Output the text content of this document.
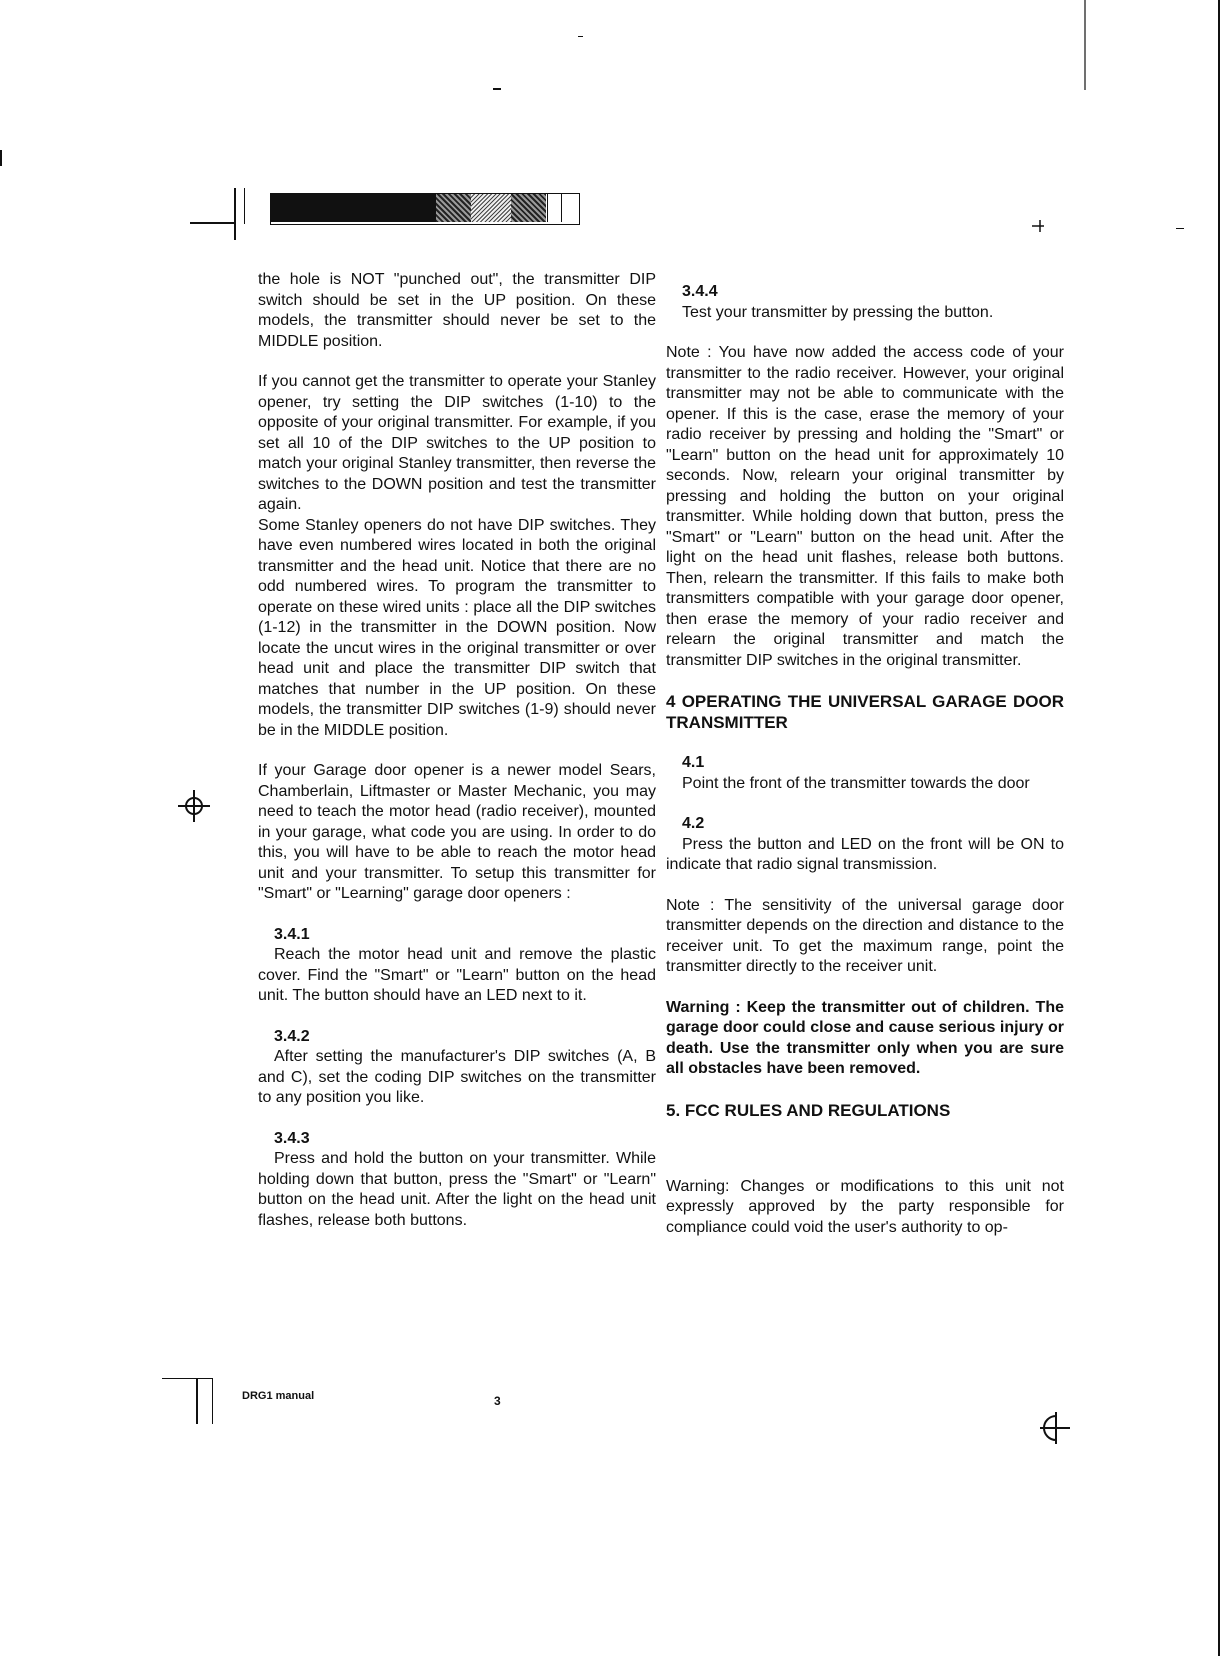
the hole is NOT "punched out", the transmitter DIP switch should be set in the UP position. On these models, the transmitter should never be set to the MIDDLE position.

If you cannot get the transmitter to operate your Stanley opener, try setting the DIP switches (1-10) to the opposite of your original transmitter. For example, if you set all 10 of the DIP switches to the UP position to match your original Stanley transmitter, then reverse the switches to the DOWN position and test the transmitter again.

Some Stanley openers do not have DIP switches. They have even numbered wires located in both the original transmitter and the head unit. Notice that there are no odd numbered wires. To program the transmitter to operate on these wired units : place all the DIP switches (1-12) in the transmitter in the DOWN position. Now locate the uncut wires in the original transmitter or over head unit and place the transmitter DIP switch that matches that number in the UP position. On these models, the transmitter DIP switches (1-9) should never be in the MIDDLE position.

If your Garage door opener is a newer model Sears, Chamberlain, Liftmaster or Master Mechanic, you may need to teach the motor head (radio receiver), mounted in your garage, what code you are using. In order to do this, you will have to be able to reach the motor head unit and your transmitter. To setup this transmitter for "Smart" or "Learning" garage door openers :

3.4.1

Reach the motor head unit and remove the plastic cover. Find the "Smart" or "Learn" button on the head unit. The button should have an LED next to it.

3.4.2

After setting the manufacturer's DIP switches (A, B and C), set the coding DIP switches on the transmitter to any position you like.

3.4.3

Press and hold the button on your transmitter. While holding down that button, press the "Smart" or "Learn" button on the head unit. After the light on the head unit flashes, release both buttons.

3.4.4

Test your transmitter by pressing the button.

Note : You have now added the access code of your transmitter to the radio receiver. However, your original transmitter may not be able to communicate with the opener. If this is the case, erase the memory of your radio receiver by pressing and holding the "Smart" or "Learn" button on the head unit for approximately 10 seconds. Now, relearn your original transmitter by pressing and holding the button on your original transmitter. While holding down that button, press the "Smart" or "Learn" button on the head unit. After the light on the head unit flashes, release both buttons. Then, relearn the transmitter. If this fails to make both transmitters compatible with your garage door opener, then erase the memory of your radio receiver and relearn the original transmitter and match the transmitter DIP switches in the original transmitter.

4 OPERATING THE UNIVERSAL GARAGE DOOR TRANSMITTER

4.1

Point the front of the transmitter towards the door

4.2

Press the button and LED on the front will be ON to indicate that radio signal transmission.

Note : The sensitivity of the universal garage door transmitter depends on the direction and distance to the receiver unit. To get the maximum range, point the transmitter directly to the receiver unit.

Warning : Keep the transmitter out of children. The garage door could close and cause serious injury or death. Use the transmitter only when you are sure all obstacles have been removed.

5. FCC RULES AND REGULATIONS

Warning: Changes or modifications to this unit not expressly approved by the party responsible for compliance could void the user's authority to op-

DRG1 manual	3
